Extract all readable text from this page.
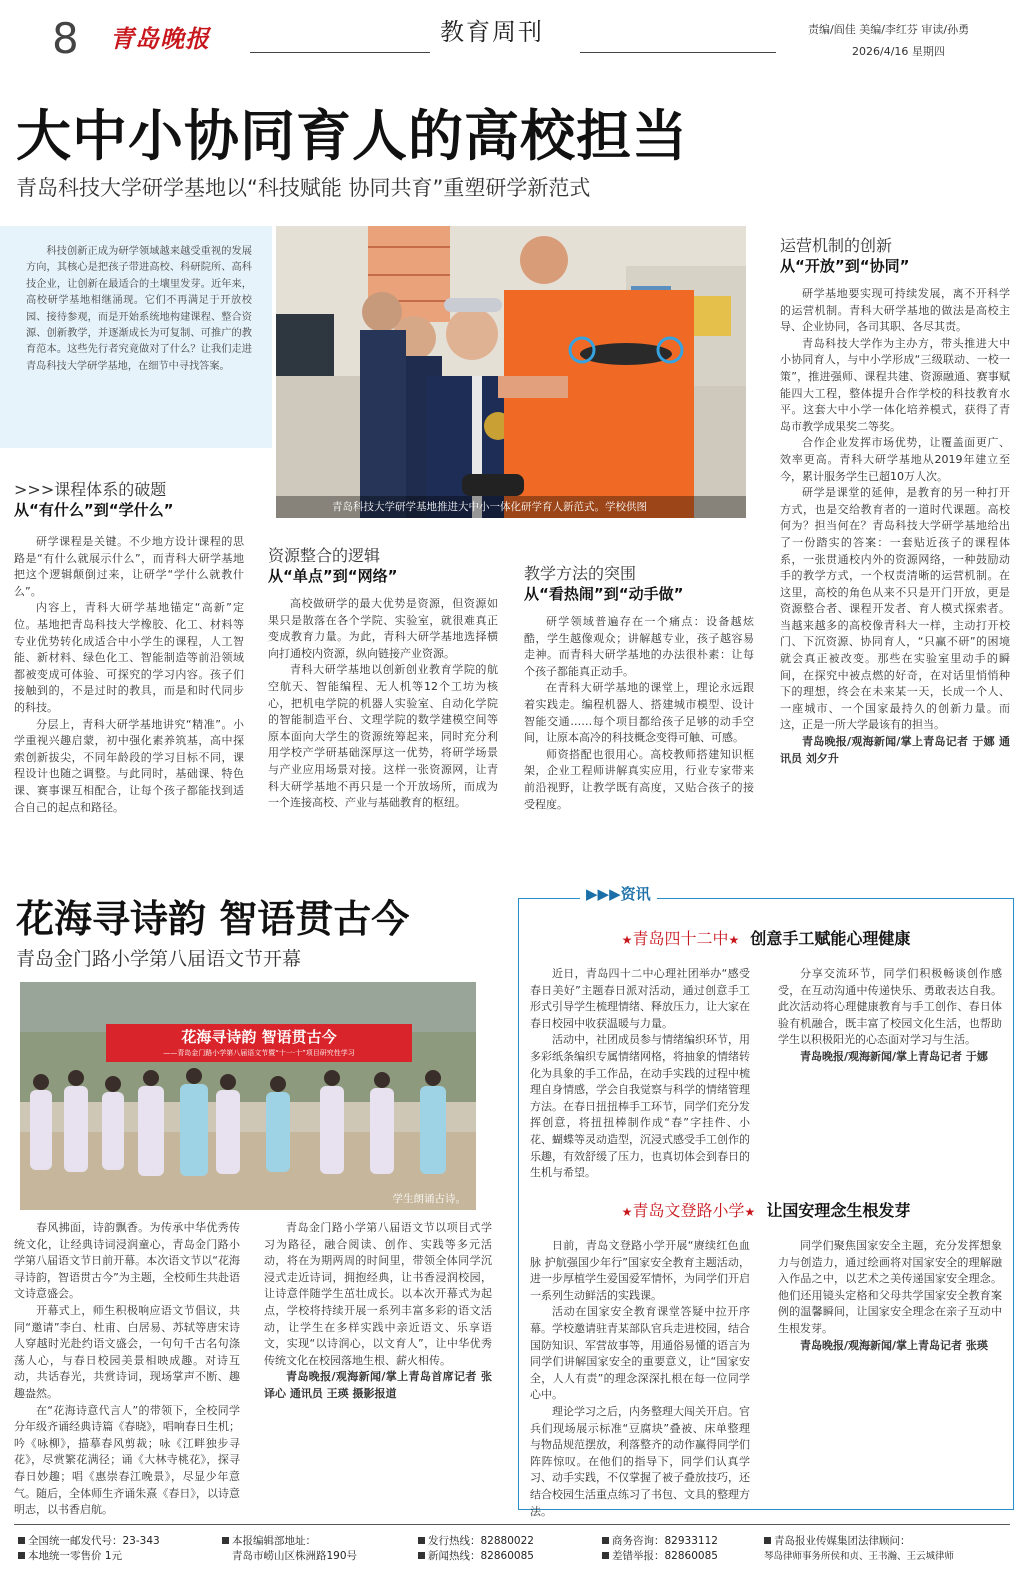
8 青岛晚报	教育周刊	责编/阎佳 美编/李红芬 审读/孙勇
2026/4/16 星期四
大中小协同育人的高校担当
青岛科技大学研学基地以“科技赋能 协同共育”重塑研学新范式

科技创新正成为研学领域越来越受重视的发展方向，其核心是把孩子带进高校、科研院所、高科技企业，让创新在最适合的土壤里发芽。近年来，高校研学基地相继涌现。它们不再满足于开放校园、接待参观，而是开始系统地构建课程、整合资源、创新教学，并逐渐成长为可复制、可推广的教育范本。这些先行者究竟做对了什么？让我们走进青岛科技大学研学基地，在细节中寻找答案。

青岛科技大学研学基地推进大中小一体化研学育人新范式。学校供图
>>>课程体系的破题
从“有什么”到“学什么”

研学课程是关键。不少地方设计课程的思路是“有什么就展示什么”，而青科大研学基地把这个逻辑颠倒过来，让研学“学什么就教什么”。

内容上，青科大研学基地锚定“高新”定位。基地把青岛科技大学橡胶、化工、材料等专业优势转化成适合中小学生的课程，人工智能、新材料、绿色化工、智能制造等前沿领域都被变成可体验、可探究的学习内容。孩子们接触到的，不是过时的教具，而是和时代同步的科技。

分层上，青科大研学基地讲究“精准”。小学重视兴趣启蒙，初中强化素养筑基，高中探索创新拔尖，不同年龄段的学习目标不同，课程设计也随之调整。与此同时，基础课、特色课、赛事课互相配合，让每个孩子都能找到适合自己的起点和路径。

资源整合的逻辑
从“单点”到“网络”

高校做研学的最大优势是资源，但资源如果只是散落在各个学院、实验室，就很难真正变成教育力量。为此，青科大研学基地选择横向打通校内资源，纵向链接产业资源。

青科大研学基地以创新创业教育学院的航空航天、智能编程、无人机等12个工坊为核心，把机电学院的机器人实验室、自动化学院的智能制造平台、文理学院的数学建模空间等原本面向大学生的资源统筹起来，同时充分利用学校产学研基础深厚这一优势，将研学场景与产业应用场景对接。这样一张资源网，让青科大研学基地不再只是一个开放场所，而成为一个连接高校、产业与基础教育的枢纽。

教学方法的突围
从“看热闹”到“动手做”

研学领域普遍存在一个痛点：设备越炫酷，学生越像观众；讲解越专业，孩子越容易走神。而青科大研学基地的办法很朴素：让每个孩子都能真正动手。

在青科大研学基地的课堂上，理论永远跟着实践走。编程机器人、搭建城市模型、设计智能交通……每个项目都给孩子足够的动手空间，让原本高冷的科技概念变得可触、可感。

师资搭配也很用心。高校教师搭建知识框架，企业工程师讲解真实应用，行业专家带来前沿视野，让教学既有高度，又贴合孩子的接受程度。

运营机制的创新
从“开放”到“协同”

研学基地要实现可持续发展，离不开科学的运营机制。青科大研学基地的做法是高校主导、企业协同，各司其职、各尽其责。

青岛科技大学作为主办方，带头推进大中小协同育人，与中小学形成“三级联动、一校一策”，推进强师、课程共建、资源融通、赛事赋能四大工程，整体提升合作学校的科技教育水平。这套大中小学一体化培养模式，获得了青岛市教学成果奖二等奖。

合作企业发挥市场优势，让覆盖面更广、效率更高。青科大研学基地从2019年建立至今，累计服务学生已超10万人次。

研学是课堂的延伸，是教育的另一种打开方式，也是交给教育者的一道时代课题。高校何为？担当何在？青岛科技大学研学基地给出了一份踏实的答案：一套贴近孩子的课程体系，一张贯通校内外的资源网络，一种鼓励动手的教学方式，一个权责清晰的运营机制。在这里，高校的角色从来不只是开门开放，更是资源整合者、课程开发者、育人模式探索者。当越来越多的高校像青科大一样，主动打开校门、下沉资源、协同育人，“只赢不研”的困境就会真正被改变。那些在实验室里动手的瞬间，在探究中被点燃的好奇，在对话里悄悄种下的理想，终会在未来某一天，长成一个人、一座城市、一个国家最持久的创新力量。而这，正是一所大学最该有的担当。

青岛晚报/观海新闻/掌上青岛记者 于娜 通讯员 刘夕升

花海寻诗韵 智语贯古今
青岛金门路小学第八届语文节开幕
花海寻诗韵 智语贯古今
——青岛金门路小学第八届语文节暨“十一·十”项目研究性学习
学生朗诵古诗。

春风拂面，诗韵飘香。为传承中华优秀传统文化，让经典诗词浸润童心，青岛金门路小学第八届语文节日前开幕。本次语文节以“花海寻诗韵，智语贯古今”为主题，全校师生共赴语文诗意盛会。

开幕式上，师生积极响应语文节倡议，共同“邀请”李白、杜甫、白居易、苏轼等唐宋诗人穿越时光赴约语文盛会，一句句千古名句涤荡人心，与春日校园美景相映成趣。对诗互动，共话春光，共赏诗词，现场掌声不断、趣趣盎然。

在“花海诗意代言人”的带领下，全校同学分年级齐诵经典诗篇《春晓》，唱响春日生机；吟《咏柳》，描摹春风剪裁；咏《江畔独步寻花》，尽赏繁花满径；诵《大林寺桃花》，探寻春日妙趣；唱《惠崇春江晚景》，尽显少年意气。随后，全体师生齐诵朱熹《春日》，以诗意明志，以书香启航。

青岛金门路小学第八届语文节以项目式学习为路径，融合阅读、创作、实践等多元活动，将在为期两周的时间里，带领全体同学沉浸式走近诗词，拥抱经典，让书香浸润校园，让诗意伴随学生茁壮成长。以本次开幕式为起点，学校将持续开展一系列丰富多彩的语文活动，让学生在多样实践中亲近语文、乐享语文，实现“以诗润心，以文育人”，让中华优秀传统文化在校园落地生根、薪火相传。

青岛晚报/观海新闻/掌上青岛首席记者 张译心 通讯员 王瑛 摄影报道

▶▶▶资讯
★青岛四十二中★ 创意手工赋能心理健康

近日，青岛四十二中心理社团举办“感受春日美好”主题春日派对活动，通过创意手工形式引导学生梳理情绪、释放压力，让大家在春日校园中收获温暖与力量。

活动中，社团成员参与情绪编织环节，用多彩纸条编织专属情绪网格，将抽象的情绪转化为具象的手工作品，在动手实践的过程中梳理自身情感，学会自我觉察与科学的情绪管理方法。在春日扭扭棒手工环节，同学们充分发挥创意，将扭扭棒制作成“春”字挂件、小花、蝴蝶等灵动造型，沉浸式感受手工创作的乐趣，有效舒缓了压力，也真切体会到春日的生机与希望。

分享交流环节，同学们积极畅谈创作感受，在互动沟通中传递快乐、勇敢表达自我。此次活动将心理健康教育与手工创作、春日体验有机融合，既丰富了校园文化生活，也帮助学生以积极阳光的心态面对学习与生活。

青岛晚报/观海新闻/掌上青岛记者 于娜

★青岛文登路小学★ 让国安理念生根发芽

日前，青岛文登路小学开展“赓续红色血脉 护航强国少年行”国家安全教育主题活动，进一步厚植学生爱国爱军情怀，为同学们开启一系列生动鲜活的实践课。

活动在国家安全教育课堂答疑中拉开序幕。学校邀请驻青某部队官兵走进校园，结合国防知识、军营故事等，用通俗易懂的语言为同学们讲解国家安全的重要意义，让“国家安全，人人有责”的理念深深扎根在每一位同学心中。

理论学习之后，内务整理大闯关开启。官兵们现场展示标准“豆腐块”叠被、床单整理与物品规范摆放，利落整齐的动作赢得同学们阵阵惊叹。在他们的指导下，同学们认真学习、动手实践，不仅掌握了被子叠放技巧，还结合校园生活重点练习了书包、文具的整理方法。

同学们聚焦国家安全主题，充分发挥想象力与创造力，通过绘画将对国家安全的理解融入作品之中，以艺术之美传递国家安全理念。他们还用镜头定格和父母共学国家安全教育案例的温馨瞬间，让国家安全理念在亲子互动中生根发芽。

青岛晚报/观海新闻/掌上青岛记者 张瑛

全国统一邮发代号：23-343
本地统一零售价 1元
本报编辑部地址：
青岛市崂山区株洲路190号
发行热线：82880022
新闻热线：82860085
商务咨询：82933112
差错举报：82860085
青岛报业传媒集团法律顾问：
琴岛律师事务所侯和贞、王书瀚、王云城律师
